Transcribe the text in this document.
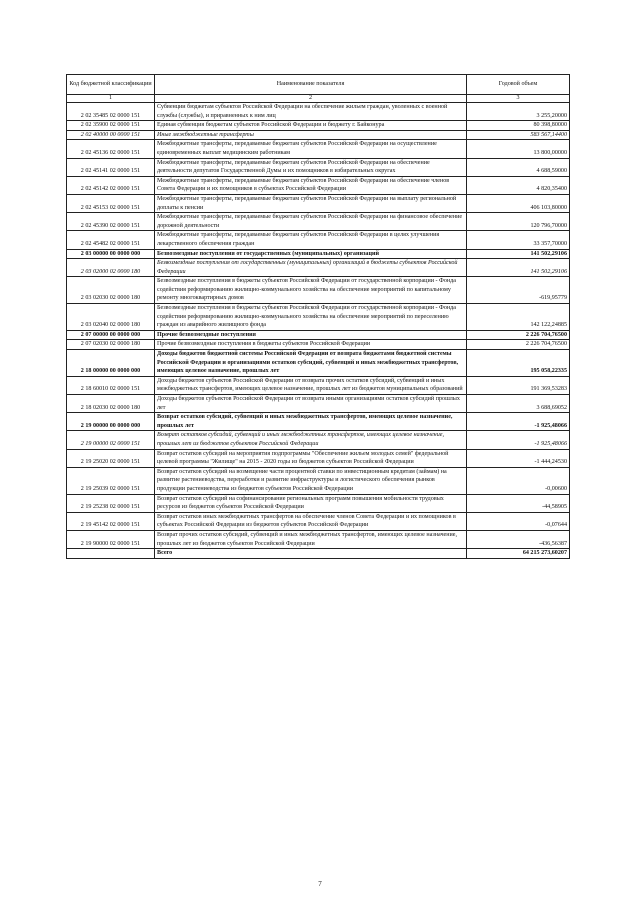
Код бюджетной классификации	Наименование показателя	Годовой объем
1	2	3
2 02 35485 02 0000 151	Субвенции бюджетам субъектов Российской Федерации на обеспечение жильем граждан, уволенных с военной службы (службы), и приравненных к ним лиц	3 255,20000
2 02 35900 02 0000 151	Единая субвенция бюджетам субъектов Российской Федерации и бюджету г. Байконура	80 398,80000
2 02 40000 00 0000 151	Иные межбюджетные трансферты	583 567,14400
2 02 45136 02 0000 151	Межбюджетные трансферты, передаваемые бюджетам субъектов Российской Федерации на осуществление единовременных выплат медицинским работникам	13 800,00000
2 02 45141 02 0000 151	Межбюджетные трансферты, передаваемые бюджетам субъектов Российской Федерации на обеспечение деятельности депутатов Государственной Думы и их помощников в избирательных округах	4 688,59000
2 02 45142 02 0000 151	Межбюджетные трансферты, передаваемые бюджетам субъектов Российской Федерации на обеспечение членов Совета Федерации и их помощников в субъектах Российской Федерации	4 820,35400
2 02 45153 02 0000 151	Межбюджетные трансферты, передаваемые бюджетам субъектов Российской Федерации на выплату региональной доплаты к пенсии	406 103,80000
2 02 45390 02 0000 151	Межбюджетные трансферты, передаваемые бюджетам субъектов Российской Федерации на финансовое обеспечение дорожной деятельности	120 796,70000
2 02 45482 02 0000 151	Межбюджетные трансферты, передаваемые бюджетам субъектов Российской Федерации в целях улучшения лекарственного обеспечения граждан	33 357,70000
2 03 00000 00 0000 000	Безвозмездные поступления от государственных (муниципальных) организаций	141 502,29106
2 03 02000 02 0000 180	Безвозмездные поступления от государственных (муниципальных) организаций в бюджеты субъектов Российской Федерации	141 502,29106
2 03 02030 02 0000 180	Безвозмездные поступления в бюджеты субъектов Российской Федерации от государственной корпорации - Фонда содействия реформированию жилищно-коммунального хозяйства на обеспечение мероприятий по капитальному ремонту многоквартирных домов	-619,95779
2 03 02040 02 0000 180	Безвозмездные поступления в бюджеты субъектов Российской Федерации от государственной корпорации - Фонда содействия реформированию жилищно-коммунального хозяйства на обеспечение мероприятий по переселению граждан из аварийного жилищного фонда	142 122,24885
2 07 00000 00 0000 000	Прочие безвозмездные поступления	2 226 704,76500
2 07 02030 02 0000 180	Прочие безвозмездные поступления в бюджеты субъектов Российской Федерации	2 226 704,76500
2 18 00000 00 0000 000	Доходы бюджетов бюджетной системы Российской Федерации от возврата бюджетами бюджетной системы Российской Федерации и организациями остатков субсидий, субвенций и иных межбюджетных трансфертов, имеющих целевое назначение, прошлых лет	195 058,22335
2 18 60010 02 0000 151	Доходы бюджетов субъектов Российской Федерации от возврата прочих остатков субсидий, субвенций и иных межбюджетных трансфертов, имеющих целевое назначение, прошлых лет из бюджетов муниципальных образований	191 369,53283
2 18 02030 02 0000 180	Доходы бюджетов субъектов Российской Федерации от возврата иными организациями остатков субсидий прошлых лет	3 688,69052
2 19 00000 00 0000 000	Возврат остатков субсидий, субвенций и иных межбюджетных трансфертов, имеющих целевое назначение, прошлых лет	-1 925,48066
2 19 00000 02 0000 151	Возврат остатков субсидий, субвенций и иных межбюджетных трансфертов, имеющих целевое назначение, прошлых лет из бюджетов субъектов Российской Федерации	-1 925,48066
2 19 25020 02 0000 151	Возврат остатков субсидий на мероприятия подпрограммы "Обеспечение жильем молодых семей" федеральной целевой программы "Жилище" на 2015 - 2020 годы из бюджетов субъектов Российской Федерации	-1 444,24530
2 19 25039 02 0000 151	Возврат остатков субсидий на возмещение части процентной ставки по инвестиционным кредитам (займам) на развитие растениеводства, переработки и развитие инфраструктуры и логистического обеспечения рынков продукции растениеводства из бюджетов субъектов Российской Федерации	-0,00600
2 19 25238 02 0000 151	Возврат остатков субсидий на софинансирование региональных программ повышения мобильности трудовых ресурсов из бюджетов субъектов Российской Федерации	-44,58905
2 19 45142 02 0000 151	Возврат остатков иных межбюджетных трансфертов на обеспечение членов Совета Федерации и их помощников в субъектах Российской Федерации из бюджетов субъектов Российской Федерации	-0,07644
2 19 90000 02 0000 151	Возврат прочих остатков субсидий, субвенций и иных межбюджетных трансфертов, имеющих целевое назначение, прошлых лет из бюджетов субъектов Российской Федерации	-436,56387
	Всего	64 215 273,60207
7
